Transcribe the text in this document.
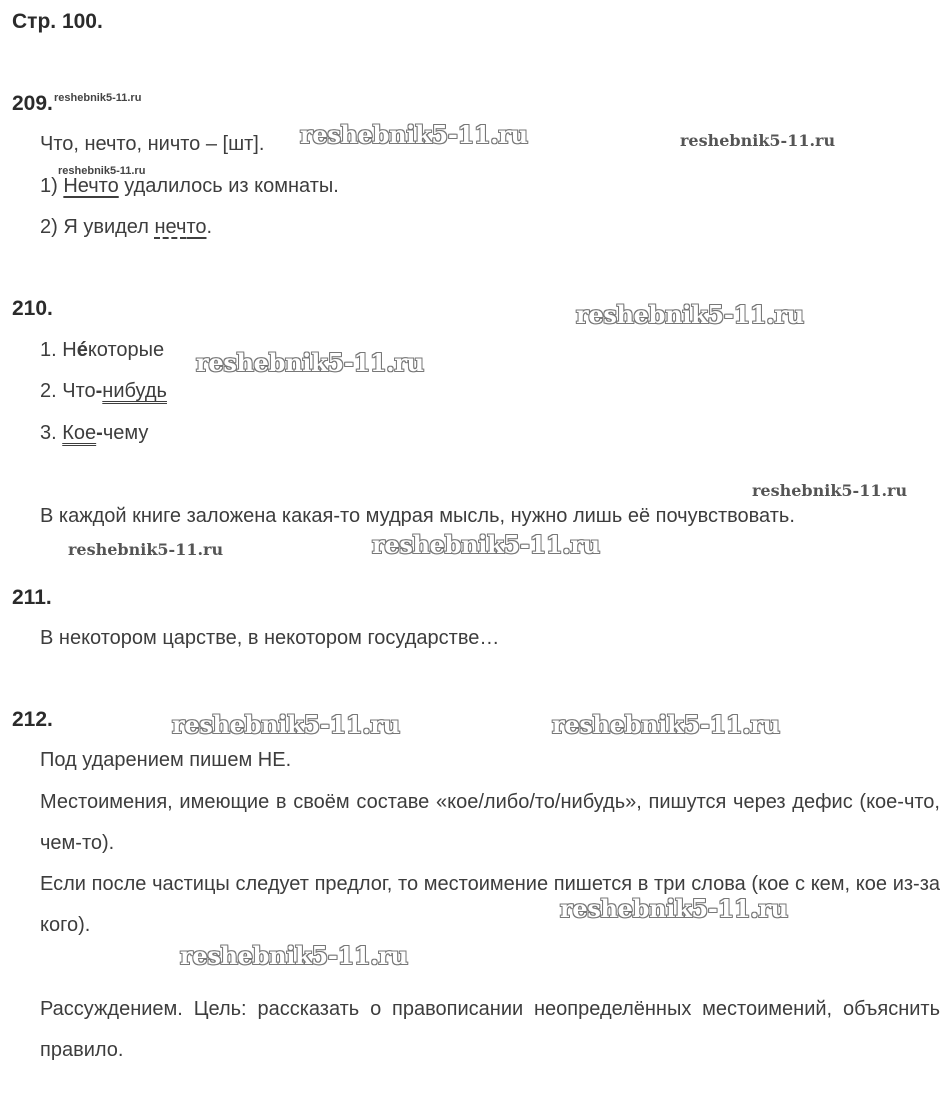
Стр. 100.
209. reshebnik5-11.ru
Что, нечто, ничто – [шт].
reshebnik5-11.ru
1) Нечто удалилось из комнаты.
2) Я увидел нечто.
210.
1. Нéкоторые
2. Что-нибудь
3. Кое-чему
В каждой книге заложена какая-то мудрая мысль, нужно лишь её почувствовать.
211.
В некотором царстве, в некотором государстве…
212.
Под ударением пишем НЕ.
Местоимения, имеющие в своём составе «кое/либо/то/нибудь», пишутся через дефис (кое-что, чем-то).
Если после частицы следует предлог, то местоимение пишется в три слова (кое с кем, кое из-за кого).
Рассуждением. Цель: рассказать о правописании неопределённых местоимений, объяснить правило.
reshebnik5-11.ru	reshebnik5-11.ru
reshebnik5-11.ru
reshebnik5-11.ru
reshebnik5-11.ru
reshebnik5-11.ru	reshebnik5-11.ru
reshebnik5-11.ru	reshebnik5-11.ru
reshebnik5-11.ru
reshebnik5-11.ru
